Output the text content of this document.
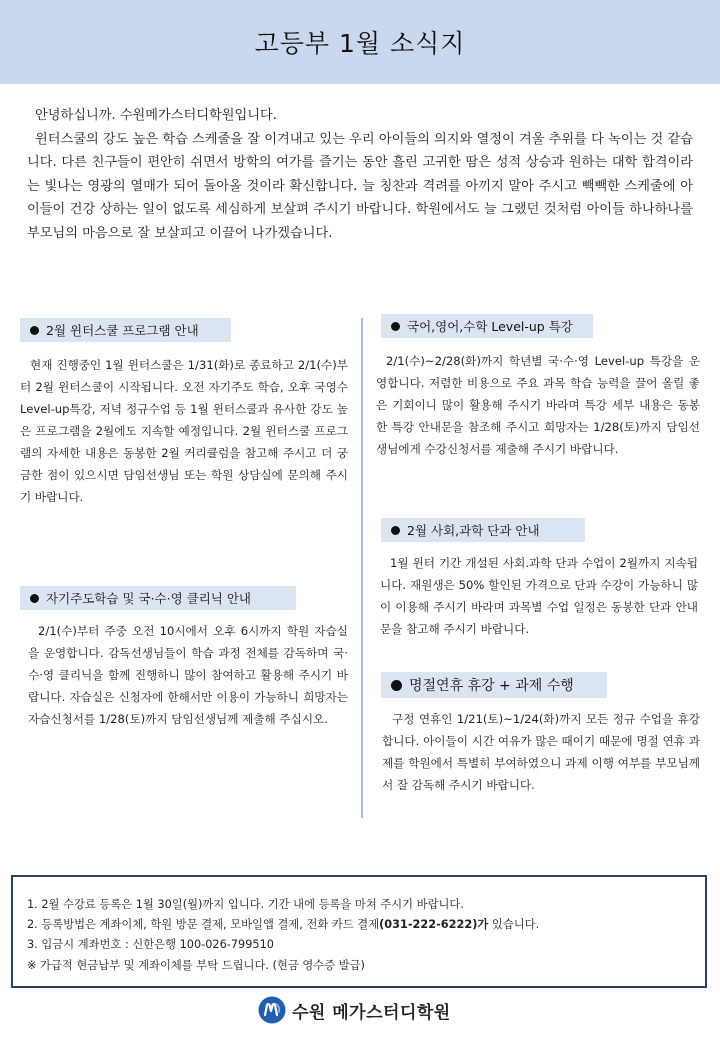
고등부 1월 소식지

안녕하십니까. 수원메가스터디학원입니다.

윈터스쿨의 강도 높은 학습 스케줄을 잘 이겨내고 있는 우리 아이들의 의지와 열정이 겨울 추위를 다 녹이는 것 같습니다. 다른 친구들이 편안히 쉬면서 방학의 여가를 즐기는 동안 흘린 고귀한 땀은 성적 상승과 원하는 대학 합격이라는 빛나는 영광의 열매가 되어 돌아올 것이라 확신합니다. 늘 칭찬과 격려를 아끼지 말아 주시고 빽빽한 스케줄에 아이들이 건강 상하는 일이 없도록 세심하게 보살펴 주시기 바랍니다. 학원에서도 늘 그랬던 것처럼 아이들 하나하나를 부모님의 마음으로 잘 보살피고 이끌어 나가겠습니다.

2월 윈터스쿨 프로그램 안내

현재 진행중인 1월 윈터스쿨은 1/31(화)로 종료하고 2/1(수)부터 2월 윈터스쿨이 시작됩니다. 오전 자기주도 학습, 오후 국영수 Level-up특강, 저녁 정규수업 등 1월 윈터스쿨과 유사한 강도 높은 프로그램을 2월에도 지속할 예정입니다. 2월 윈터스쿨 프로그램의 자세한 내용은 동봉한 2월 커리큘럼을 참고해 주시고 더 궁금한 점이 있으시면 담임선생님 또는 학원 상담실에 문의해 주시기 바랍니다.

자기주도학습 및 국·수·영 클리닉 안내

2/1(수)부터 주중 오전 10시에서 오후 6시까지 학원 자습실을 운영합니다. 감독선생님들이 학습 과정 전체를 감독하며 국·수·영 클리닉을 함께 진행하니 많이 참여하고 활용해 주시기 바랍니다. 자습실은 신청자에 한해서만 이용이 가능하니 희망자는 자습신청서를 1/28(토)까지 담임선생님께 제출해 주십시오.

국어,영어,수학 Level-up 특강

2/1(수)~2/28(화)까지 학년별 국·수·영 Level-up 특강을 운영합니다. 저렴한 비용으로 주요 과목 학습 능력을 끌어 올릴 좋은 기회이니 많이 활용해 주시기 바라며 특강 세부 내용은 동봉한 특강 안내문을 참조해 주시고 희망자는 1/28(토)까지 담임선생님에게 수강신청서를 제출해 주시기 바랍니다.

2월 사회,과학 단과 안내

1월 윈터 기간 개설된 사회.과학 단과 수업이 2월까지 지속됩니다. 재원생은 50% 할인된 가격으로 단과 수강이 가능하니 많이 이용해 주시기 바라며 과목별 수업 일정은 동봉한 단과 안내문을 참고해 주시기 바랍니다.

명절연휴 휴강 + 과제 수행

구정 연휴인 1/21(토)~1/24(화)까지 모든 정규 수업을 휴강합니다. 아이들이 시간 여유가 많은 때이기 때문에 명절 연휴 과제를 학원에서 특별히 부여하였으니 과제 이행 여부를 부모님께서 잘 감독해 주시기 바랍니다.

1. 2월 수강료 등록은 1월 30일(월)까지 입니다. 기간 내에 등록을 마쳐 주시기 바랍니다.
2. 등록방법은 계좌이체, 학원 방문 결제, 모바일앱 결제, 전화 카드 결제(031-222-6222)가 있습니다.
3. 입금시 계좌번호 : 신한은행 100-026-799510
※ 가급적 현금납부 및 계좌이체를 부탁 드립니다. (현금 영수증 발급)
수원 메가스터디학원
